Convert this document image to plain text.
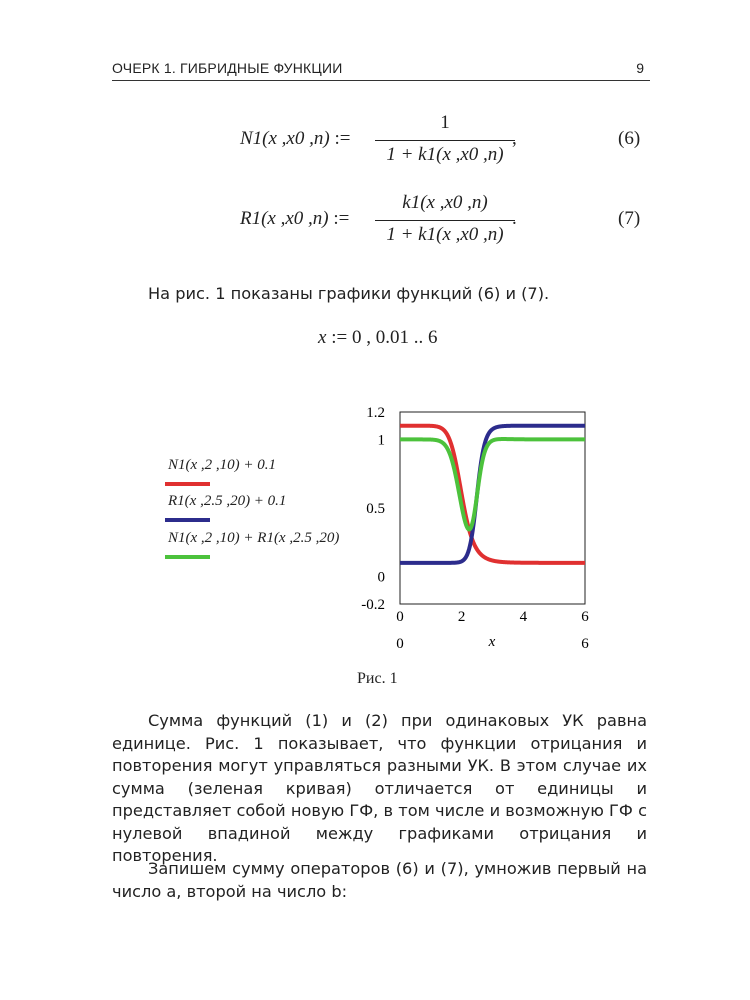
ОЧЕРК 1. ГИБРИДНЫЕ ФУНКЦИИ	9
N1(x ,x0 ,n) :=
1
1 + k1(x ,x0 ,n)
,	(6)
R1(x ,x0 ,n) :=
k1(x ,x0 ,n)
1 + k1(x ,x0 ,n)
.	(7)
На рис. 1 показаны графики функций (6) и (7).
x := 0 , 0.01 .. 6
N1(x ,2 ,10) + 0.1
R1(x ,2.5 ,20) + 0.1
N1(x ,2 ,10) + R1(x ,2.5 ,20)
1.2
1
0.5
0
-0.2
0	2	4	6
0	x	6
Рис. 1
Сумма функций (1) и (2) при одинаковых УК равна единице. Рис. 1 показывает, что функции отрицания и повторения могут управляться разными УК. В этом случае их сумма (зеленая кривая) отличается от единицы и представляет собой новую ГФ, в том числе и возможную ГФ с нулевой впадиной между графиками отрицания и повторения.
Запишем сумму операторов (6) и (7), умножив первый на число a, второй на число b:
